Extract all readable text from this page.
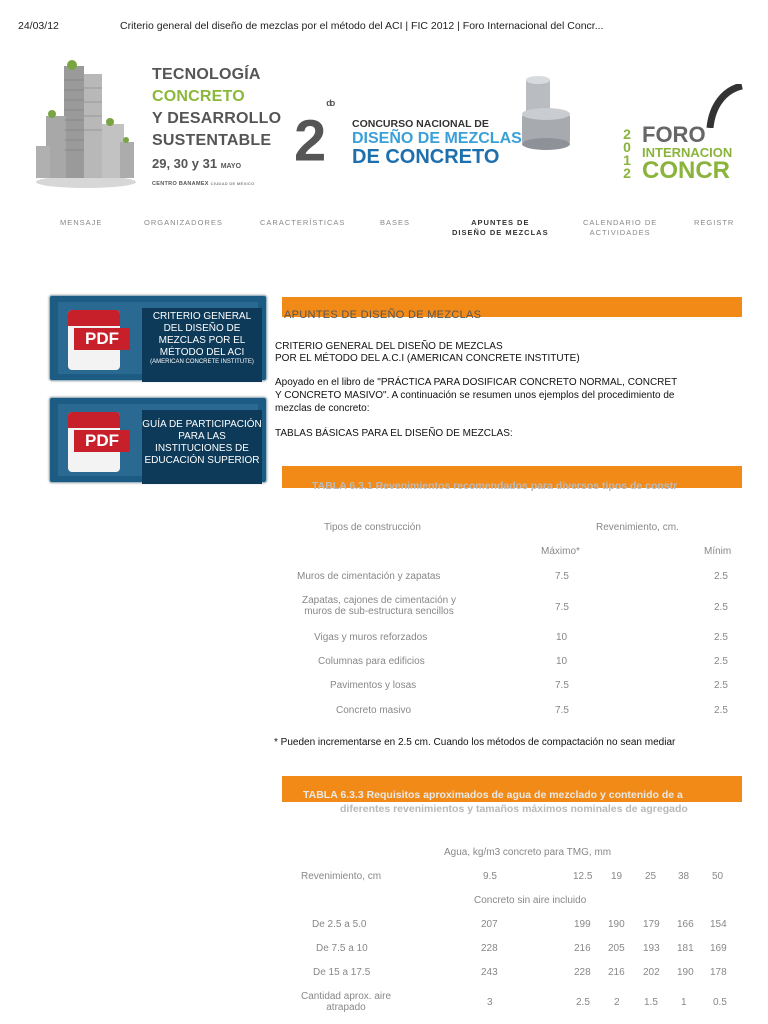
24/03/12	Criterio general del diseño de mezclas por el método del ACI | FIC 2012 | Foro Internacional del Concr...
TECNOLOGÍA
CONCRETO
Y DESARROLLO
SUSTENTABLE
29, 30 y 31 MAYO
CENTRO BANAMEX CIUDAD DE MÉXICO
$2^{do}$
CONCURSO NACIONAL DE
DISEÑO DE MEZCLAS
DE CONCRETO
2012
FORO
INTERNACION
CONCR
MENSAJE	ORGANIZADORES	CARACTERÍSTICAS	BASES	APUNTES DE
DISEÑO DE MEZCLAS
CALENDARIO DE
ACTIVIDADES
REGISTR
PDF
CRITERIO GENERAL
DEL DISEÑO DE
MEZCLAS POR EL
MÉTODO DEL ACI
(AMERICAN CONCRETE INSTITUTE)
PDF
GUÍA DE PARTICIPACIÓN
PARA LAS
INSTITUCIONES DE
EDUCACIÓN SUPERIOR
APUNTES DE DISEÑO DE MEZCLAS
CRITERIO GENERAL DEL DISEÑO DE MEZCLAS
POR EL MÉTODO DEL A.C.I (AMERICAN CONCRETE INSTITUTE)
Apoyado en el libro de "PRÁCTICA PARA DOSIFICAR CONCRETO NORMAL, CONCRET
Y CONCRETO MASIVO". A continuación se resumen unos ejemplos del procedimiento de
mezclas de concreto:
TABLAS BÁSICAS PARA EL DISEÑO DE MEZCLAS:
TABLA 6.3.1 Revenimientos recomendados para diversos tipos de constr
Tipos de construcción	Revenimiento, cm.
Máximo*	Mínim
Muros de cimentación y zapatas	7.5	2.5
Zapatas, cajones de cimentación y
muros de sub-estructura sencillos	7.5	2.5
Vigas y muros reforzados	10	2.5
Columnas para edificios	10	2.5
Pavimentos y losas	7.5	2.5
Concreto masivo	7.5	2.5
* Pueden incrementarse en 2.5 cm. Cuando los métodos de compactación no sean mediar
TABLA 6.3.3 Requisitos aproximados de agua de mezclado y contenido de a
diferentes revenimientos y tamaños máximos nominales de agregado
Agua, kg/m3 concreto para TMG, mm
Revenimiento, cm	9.5	12.5 19 25 38 50
Concreto sin aire incluido
De 2.5 a 5.0	207	199 190 179 166 154
De 7.5 a 10	228	216 205 193 181 169
De 15 a 17.5	243	228 216 202 190 178
Cantidad aprox. aire
atrapado	3	2.5 2 1.5 1	0.5
